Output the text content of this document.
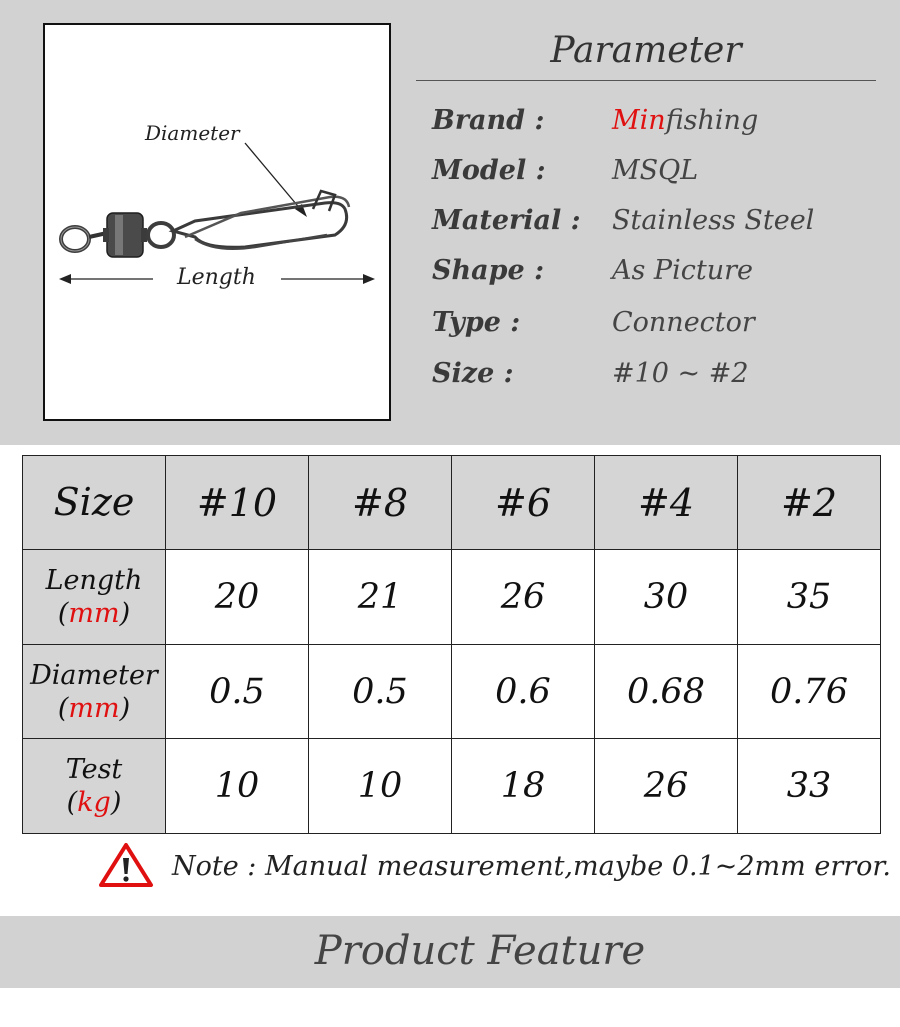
Diameter
Length
Parameter
Brand :	Minfishing
Model : MSQL
Material : Stainless Steel
Shape :	As Picture
Type :	Connector
Size :	#10 ~ #2
Size	#10	#8	#6	#4	#2

Length
(mm)	20	21	26	30	35

Diameter
(mm)	0.5	0.5	0.6	0.68	0.76

Test
(kg)	10	10	18	26	33
Note : Manual measurement,maybe 0.1~2mm error.
Product Feature
